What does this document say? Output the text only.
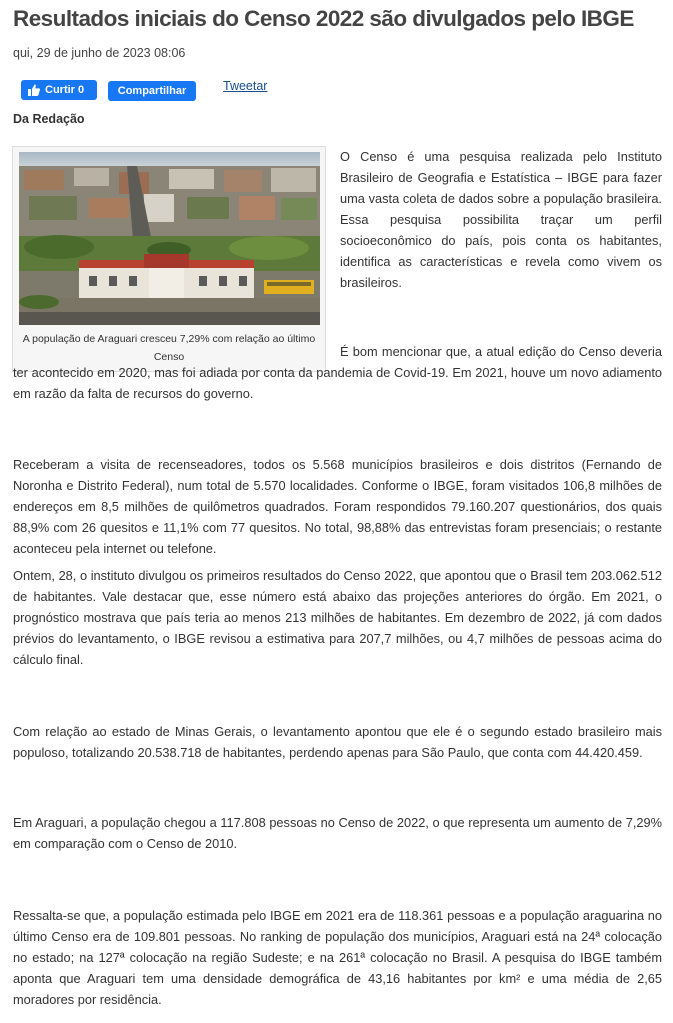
Resultados iniciais do Censo 2022 são divulgados pelo IBGE
qui, 29 de junho de 2023 08:06
Curtir 0	Compartilhar	Tweetar
Da Redação
A população de Araguari cresceu 7,29% com relação ao último Censo

O Censo é uma pesquisa realizada pelo Instituto Brasileiro de Geografia e Estatística – IBGE para fazer uma vasta coleta de dados sobre a população brasileira. Essa pesquisa possibilita traçar um perfil socioeconômico do país, pois conta os habitantes, identifica as características e revela como vivem os brasileiros.

É bom mencionar que, a atual edição do Censo deveria ter acontecido em 2020, mas foi adiada por conta da pandemia de Covid-19. Em 2021, houve um novo adiamento em razão da falta de recursos do governo.

Receberam a visita de recenseadores, todos os 5.568 municípios brasileiros e dois distritos (Fernando de Noronha e Distrito Federal), num total de 5.570 localidades. Conforme o IBGE, foram visitados 106,8 milhões de endereços em 8,5 milhões de quilômetros quadrados. Foram respondidos 79.160.207 questionários, dos quais 88,9% com 26 quesitos e 11,1% com 77 quesitos. No total, 98,88% das entrevistas foram presenciais; o restante aconteceu pela internet ou telefone.

Ontem, 28, o instituto divulgou os primeiros resultados do Censo 2022, que apontou que o Brasil tem 203.062.512 de habitantes. Vale destacar que, esse número está abaixo das projeções anteriores do órgão. Em 2021, o prognóstico mostrava que país teria ao menos 213 milhões de habitantes. Em dezembro de 2022, já com dados prévios do levantamento, o IBGE revisou a estimativa para 207,7 milhões, ou 4,7 milhões de pessoas acima do cálculo final.

Com relação ao estado de Minas Gerais, o levantamento apontou que ele é o segundo estado brasileiro mais populoso, totalizando 20.538.718 de habitantes, perdendo apenas para São Paulo, que conta com 44.420.459.

Em Araguari, a população chegou a 117.808 pessoas no Censo de 2022, o que representa um aumento de 7,29% em comparação com o Censo de 2010.

Ressalta-se que, a população estimada pelo IBGE em 2021 era de 118.361 pessoas e a população araguarina no último Censo era de 109.801 pessoas. No ranking de população dos municípios, Araguari está na 24ª colocação no estado; na 127ª colocação na região Sudeste; e na 261ª colocação no Brasil. A pesquisa do IBGE também aponta que Araguari tem uma densidade demográfica de 43,16 habitantes por km² e uma média de 2,65 moradores por residência.
